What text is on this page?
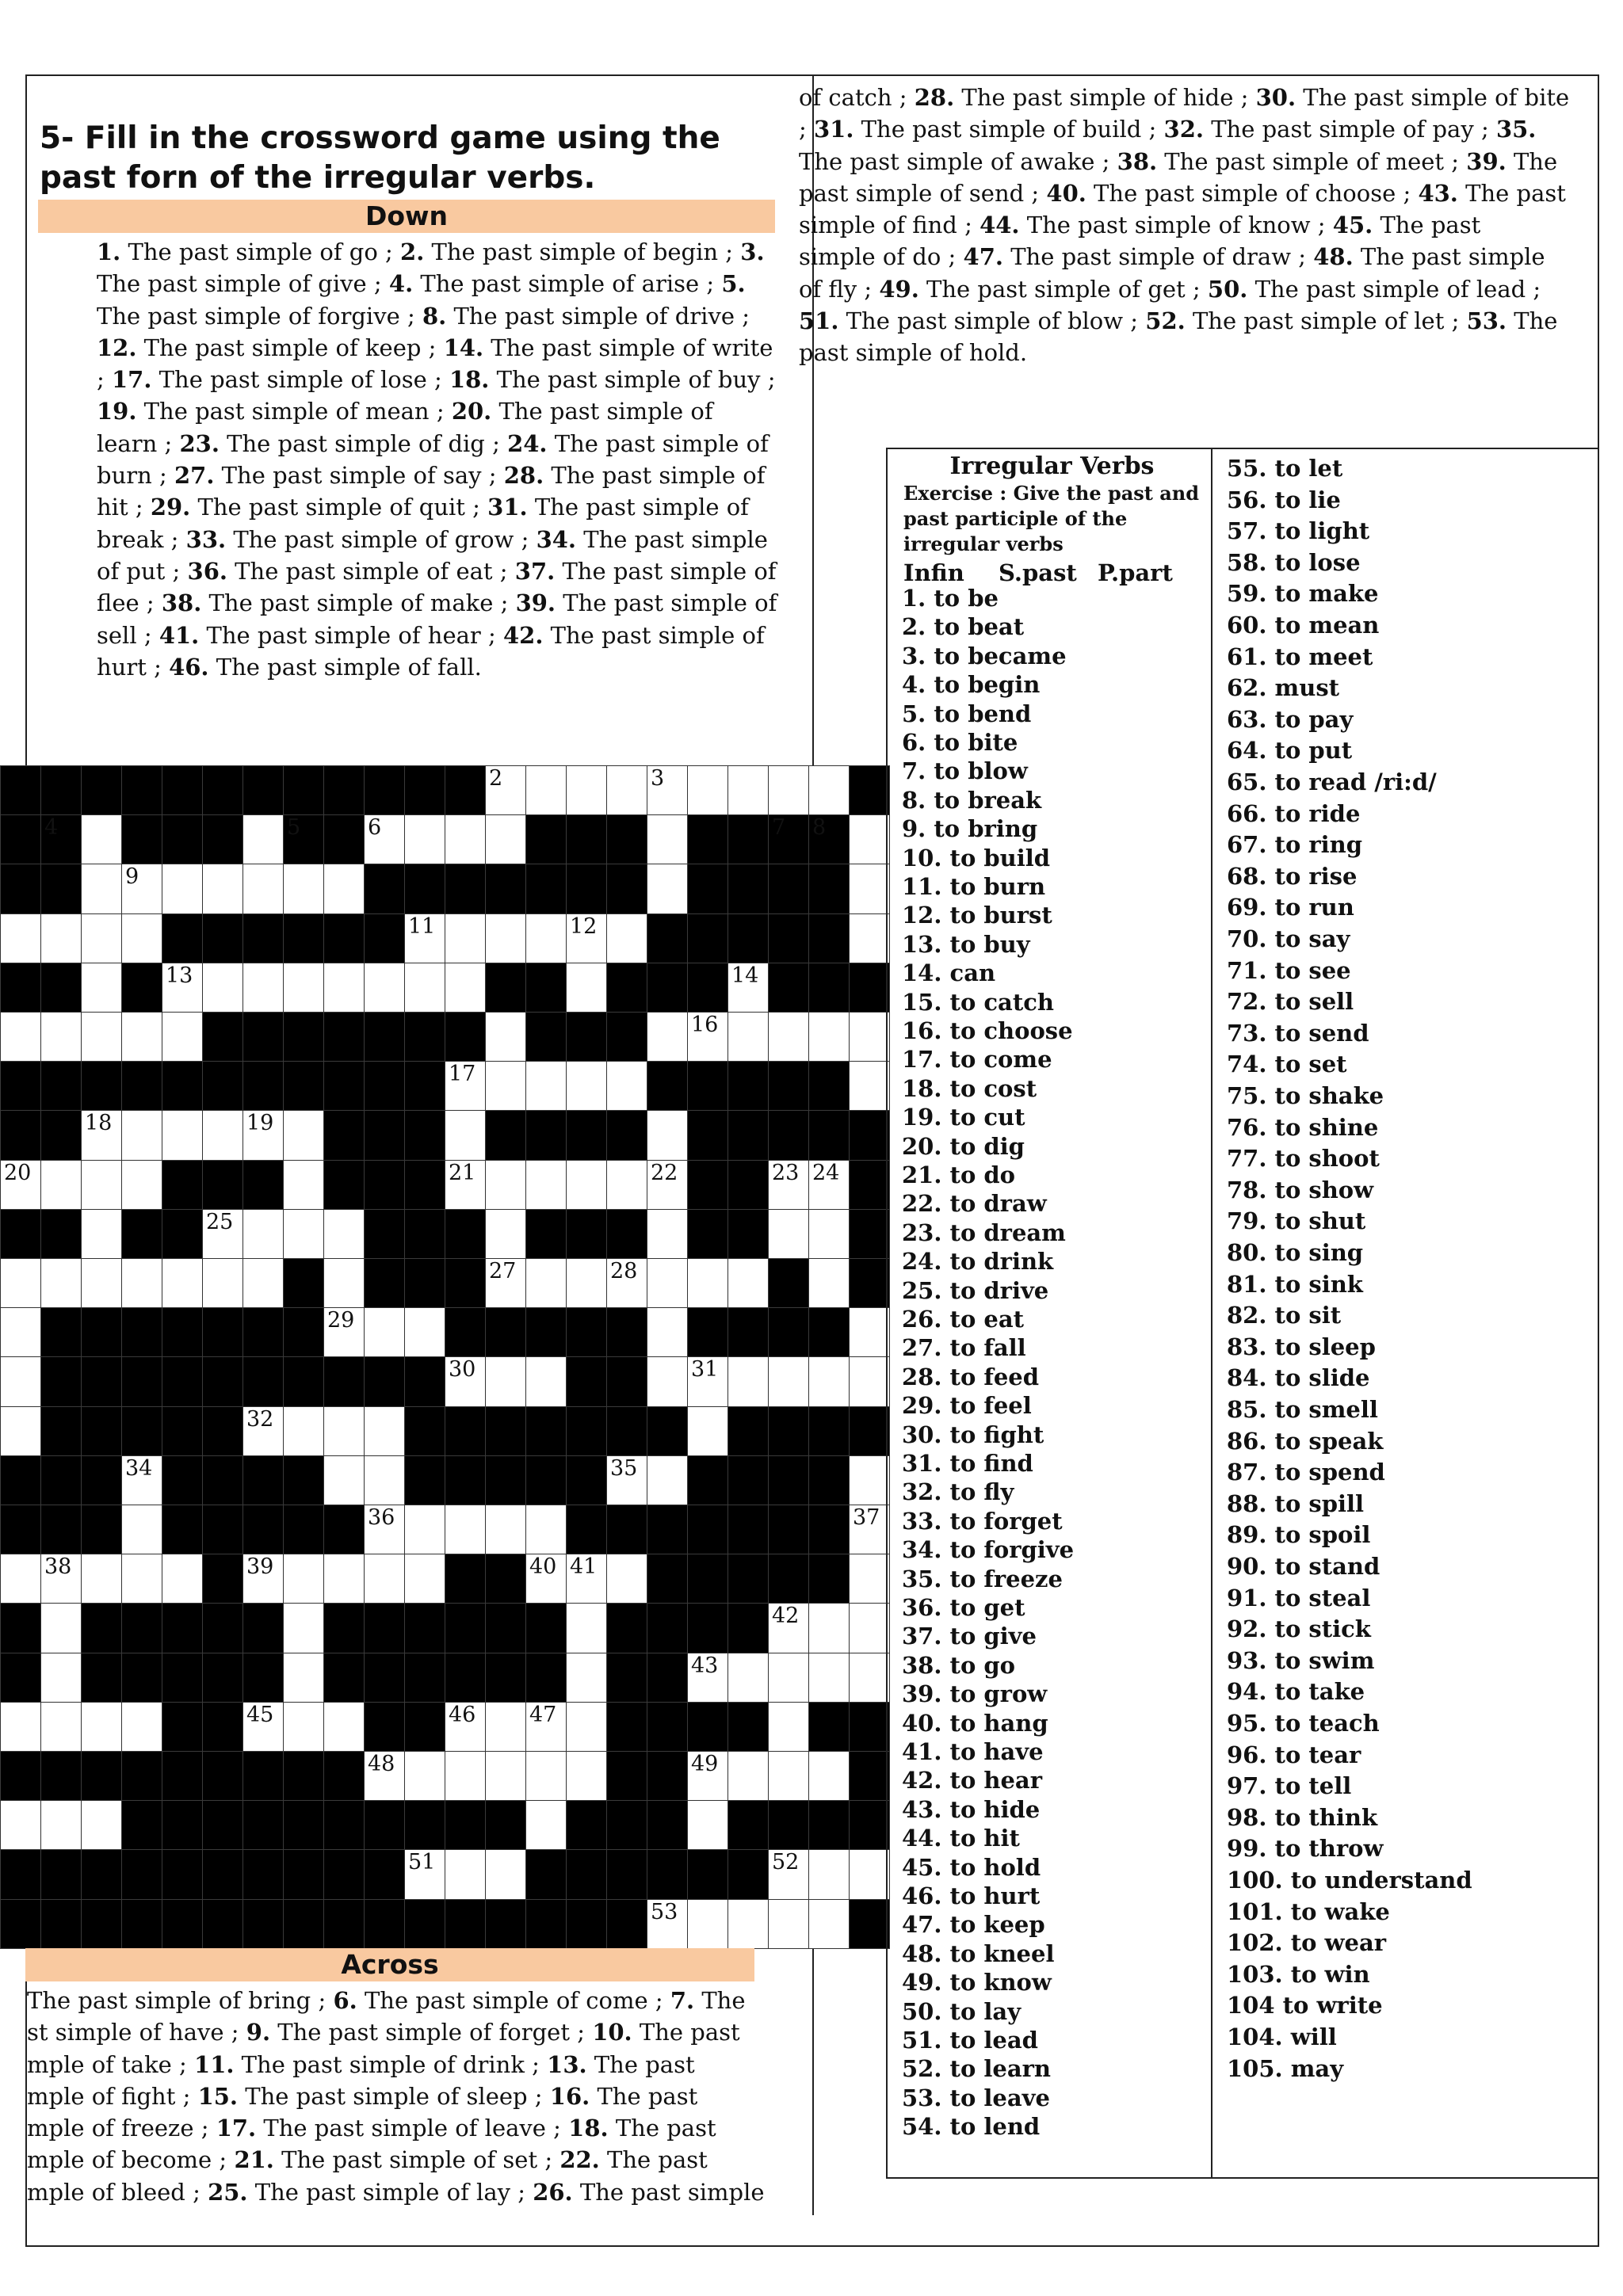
5- Fill in the crossword game using the past forn of the irregular verbs.
Down
1. The past simple of go ; 2. The past simple of begin ; 3. The past simple of give ; 4. The past simple of arise ; 5. The past simple of forgive ; 8. The past simple of drive ; 12. The past simple of keep ; 14. The past simple of write ; 17. The past simple of lose ; 18. The past simple of buy ; 19. The past simple of mean ; 20. The past simple of learn ; 23. The past simple of dig ; 24. The past simple of burn ; 27. The past simple of say ; 28. The past simple of hit ; 29. The past simple of quit ; 31. The past simple of break ; 33. The past simple of grow ; 34. The past simple of put ; 36. The past simple of eat ; 37. The past simple of flee ; 38. The past simple of make ; 39. The past simple of sell ; 41. The past simple of hear ; 42. The past simple of hurt ; 46. The past simple of fall.
of catch ; 28. The past simple of hide ; 30. The past simple of bite
; 31. The past simple of build ; 32. The past simple of pay ; 35.
The past simple of awake ; 38. The past simple of meet ; 39. The
past simple of send ; 40. The past simple of choose ; 43. The past
simple of find ; 44. The past simple of know ; 45. The past
simple of do ; 47. The past simple of draw ; 48. The past simple
of fly ; 49. The past simple of get ; 50. The past simple of lead ;
51. The past simple of blow ; 52. The past simple of let ; 53. The
past simple of hold.
2	3
4	5	6	7 8
9
11	12
13	14
16
17
18	19
20	21	22	23 24
25
27	28
29
30	31
32
34	35
36	37
38	39	40 41
42
43
45	46	47
48	49
51	52
53
Across
The past simple of bring ; 6. The past simple of come ; 7. The
st simple of have ; 9. The past simple of forget ; 10. The past
mple of take ; 11. The past simple of drink ; 13. The past
mple of fight ; 15. The past simple of sleep ; 16. The past
mple of freeze ; 17. The past simple of leave ; 18. The past
mple of become ; 21. The past simple of set ; 22. The past
mple of bleed ; 25. The past simple of lay ; 26. The past simple
Irregular Verbs
Exercise : Give the past and past participle of the irregular verbs
Infin	S.past P.part
1. to be
2. to beat
3. to became
4. to begin
5. to bend
6. to bite
7. to blow
8. to break
9. to bring
10. to build
11. to burn
12. to burst
13. to buy
14. can
15. to catch
16. to choose
17. to come
18. to cost
19. to cut
20. to dig
21. to do
22. to draw
23. to dream
24. to drink
25. to drive
26. to eat
27. to fall
28. to feed
29. to feel
30. to fight
31. to find
32. to fly
33. to forget
34. to forgive
35. to freeze
36. to get
37. to give
38. to go
39. to grow
40. to hang
41. to have
42. to hear
43. to hide
44. to hit
45. to hold
46. to hurt
47. to keep
48. to kneel
49. to know
50. to lay
51. to lead
52. to learn
53. to leave
54. to lend
55. to let
56. to lie
57. to light
58. to lose
59. to make
60. to mean
61. to meet
62. must
63. to pay
64. to put
65. to read /ri:d/
66. to ride
67. to ring
68. to rise
69. to run
70. to say
71. to see
72. to sell
73. to send
74. to set
75. to shake
76. to shine
77. to shoot
78. to show
79. to shut
80. to sing
81. to sink
82. to sit
83. to sleep
84. to slide
85. to smell
86. to speak
87. to spend
88. to spill
89. to spoil
90. to stand
91. to steal
92. to stick
93. to swim
94. to take
95. to teach
96. to tear
97. to tell
98. to think
99. to throw
100. to understand
101. to wake
102. to wear
103. to win
104 to write
104. will
105. may
